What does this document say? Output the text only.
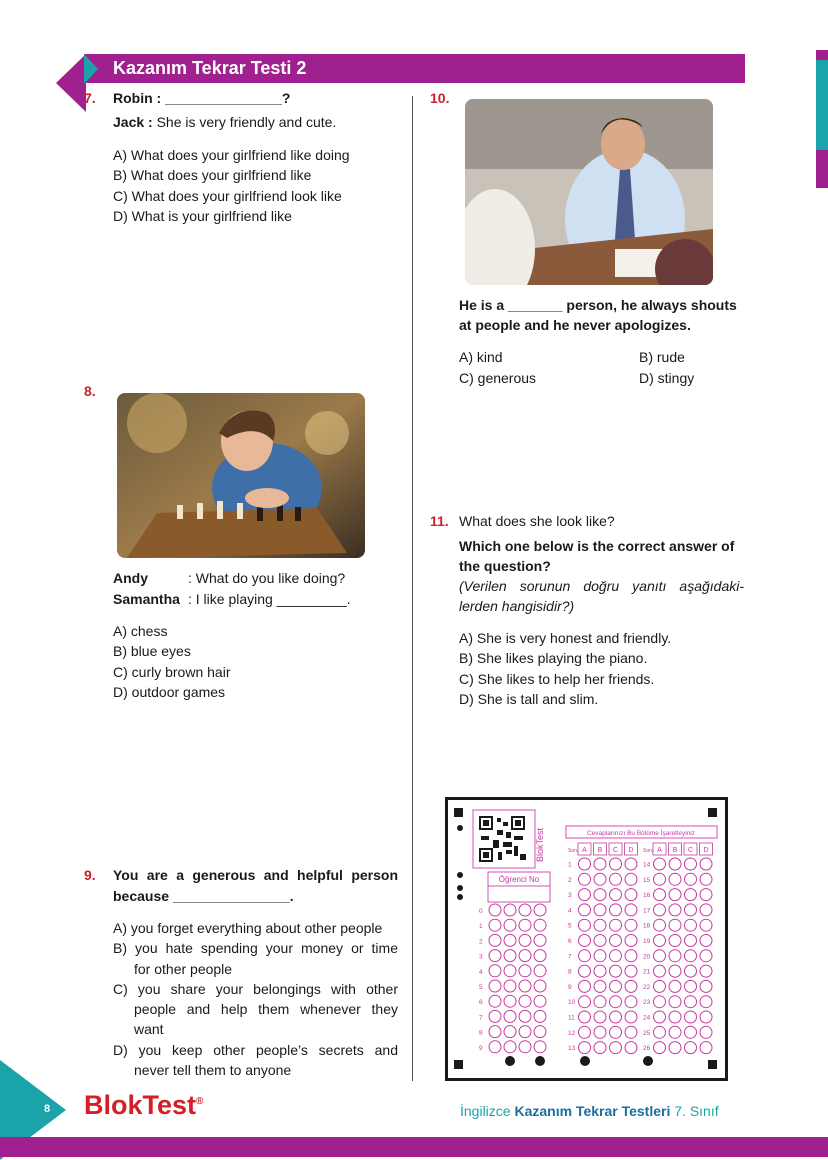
Kazanım Tekrar Testi 2
7. Robin : _______________?
Jack : She is very friendly and cute.
A) What does your girlfriend like doing
B) What does your girlfriend like
C) What does your girlfriend look like
D) What is your girlfriend like
8.
Andy	: What do you like doing?
Samantha : I like playing _________.
A) chess
B) blue eyes
C) curly brown hair
D) outdoor games
9. You are a generous and helpful person
because _______________.
A) you forget everything about other people
B) you hate spending your money or time
for other people
C) you share your belongings with other
people and help them whenever they
want
D) you keep other people’s secrets and
never tell them to anyone
10.
He is a _______ person, he always shouts
at people and he never apologizes.
A) kind	B) rude
C) generous	D) stingy
11. What does she look like?
Which one below is the correct answer of
the question?
(Verilen sorunun doğru yanıtı aşağıdaki-
lerden hangisidir?)
A) She is very honest and friendly.
B) She likes playing the piano.
C) She likes to help her friends.
D) She is tall and slim.
BlokTest
Öğrenci No
0
1
2
3
4
5
6
7
8
9
Cevaplarınızı Bu Bölüme İşaretleyiniz
Soru A B C D
1
2
3
4
5
6
7
8
9
10
11
12
13
Soru A B C D
14
15
16
17
18
19
20
21
22
23
24
25
26
8 BlokTest®
İngilizce Kazanım Tekrar Testleri 7. Sınıf
